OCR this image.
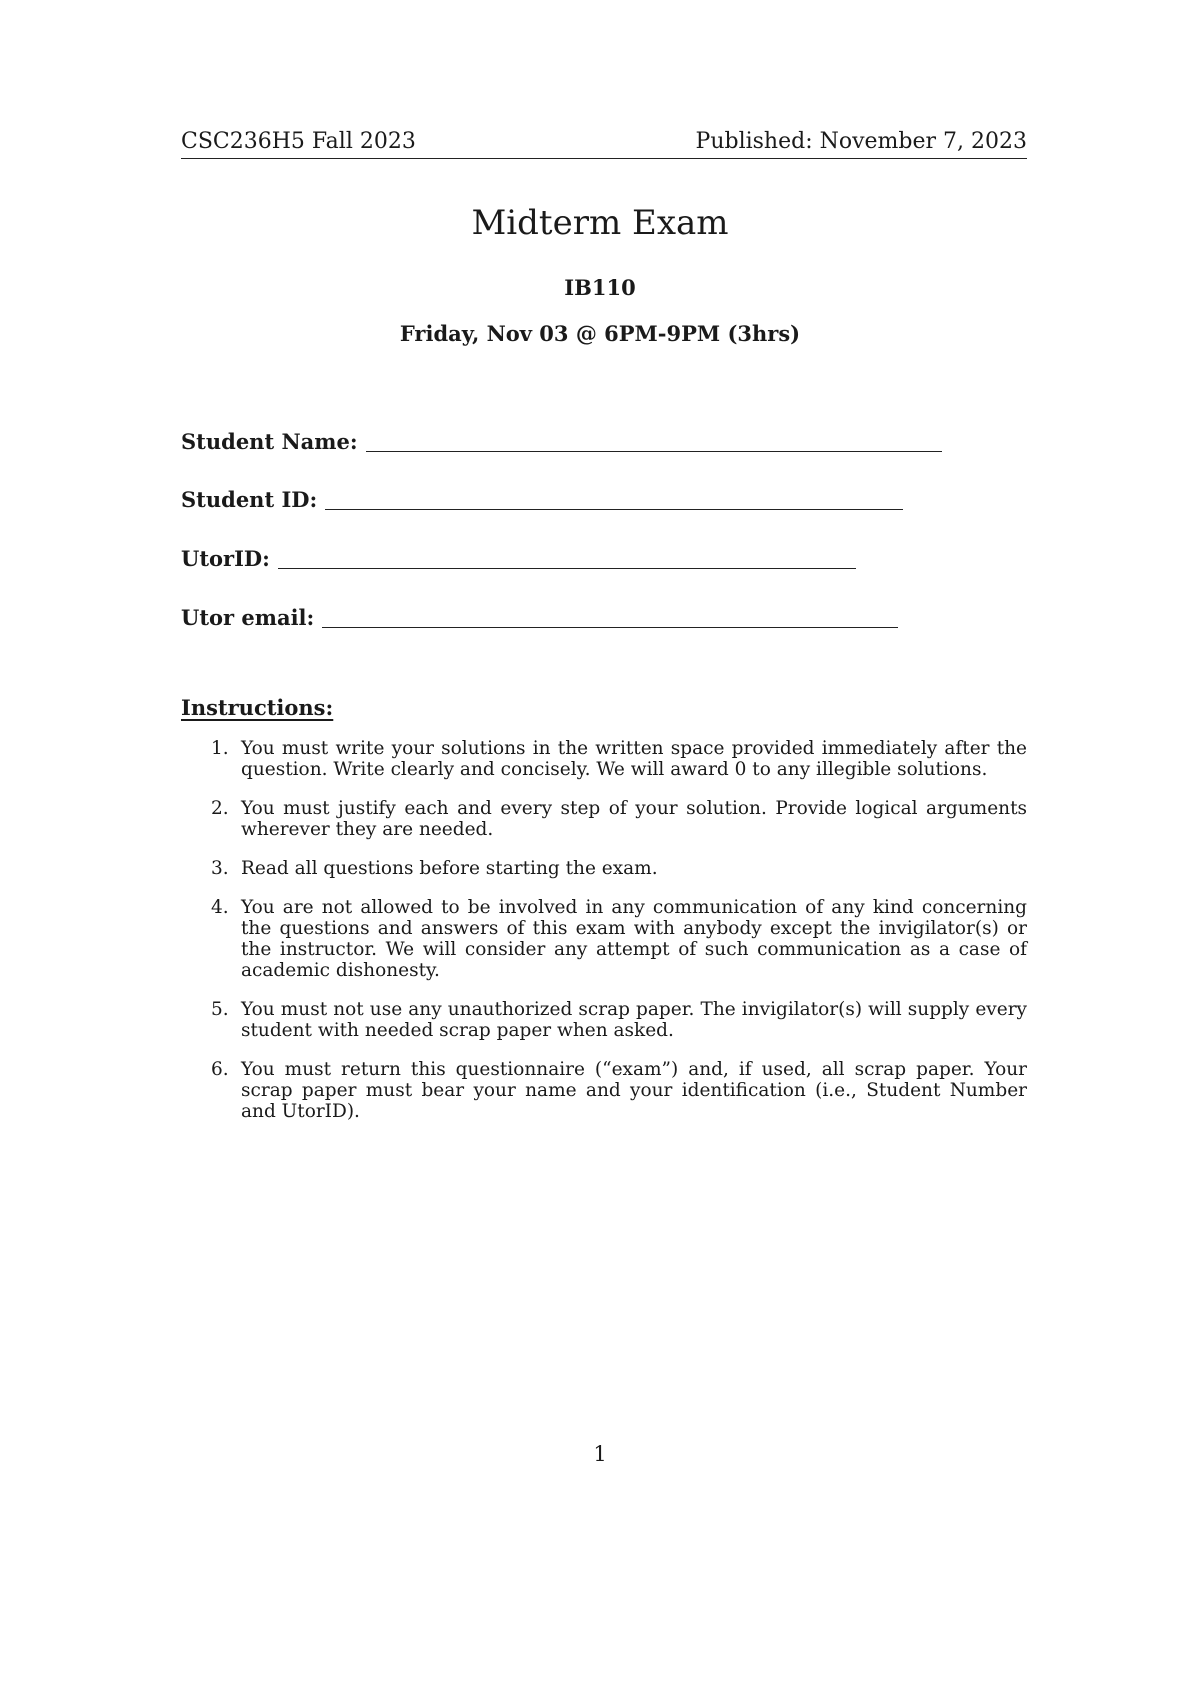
CSC236H5 Fall 2023	Published: November 7, 2023
Midterm Exam
IB110
Friday, Nov 03 @ 6PM-9PM (3hrs)
Student Name:
Student ID:
UtorID:
Utor email:
Instructions:
1. You must write your solutions in the written space provided immediately after the question. Write clearly and concisely. We will award 0 to any illegible solutions.
2. You must justify each and every step of your solution. Provide logical arguments wherever they are needed.
3. Read all questions before starting the exam.
4. You are not allowed to be involved in any communication of any kind concerning the questions and answers of this exam with anybody except the invigilator(s) or the instructor. We will consider any attempt of such communication as a case of academic dishonesty.
5. You must not use any unauthorized scrap paper. The invigilator(s) will supply every student with needed scrap paper when asked.
6. You must return this questionnaire (“exam”) and, if used, all scrap paper. Your scrap paper must bear your name and your identification (i.e., Student Number and UtorID).
1
